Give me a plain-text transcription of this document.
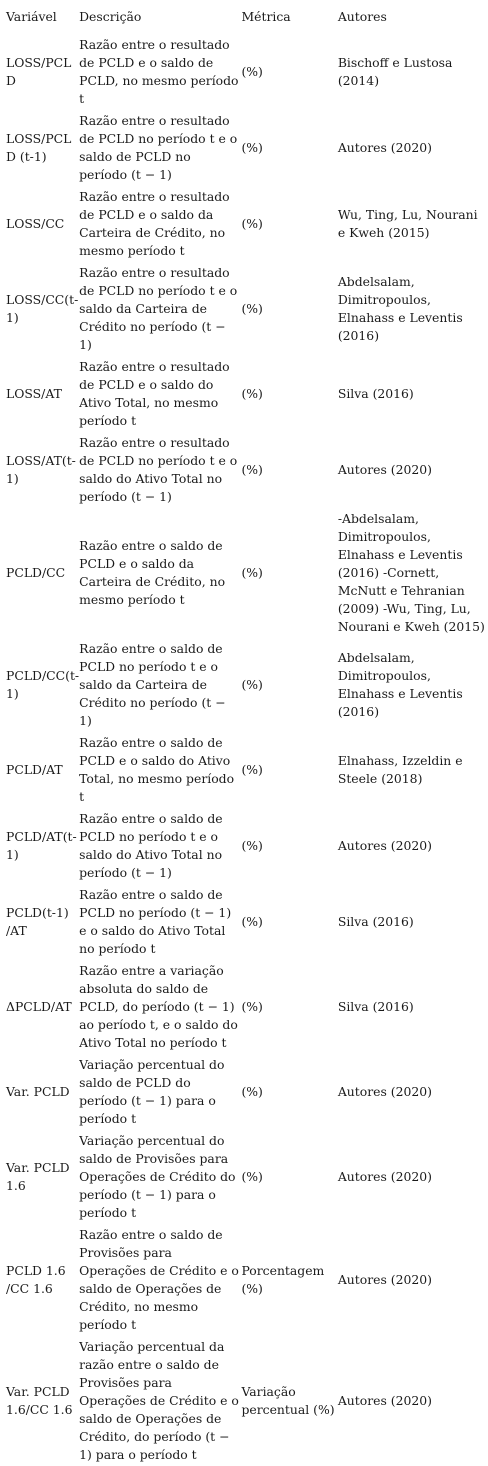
Variável	Descrição	Métrica	Autores

LOSS/PCLD	Razão entre o resultado de PCLD e o saldo de PCLD, no mesmo período t	(%)	Bischoff e Lustosa (2014)

LOSS/PCLD (t-1)	Razão entre o resultado de PCLD no período t e o saldo de PCLD no período (t − 1)	(%)	Autores (2020)

LOSS/CC	Razão entre o resultado de PCLD e o saldo da Carteira de Crédito, no mesmo período t	(%)	Wu, Ting, Lu, Nourani e Kweh (2015)

LOSS/CC(t-1)	Razão entre o resultado de PCLD no período t e o saldo da Carteira de Crédito no período (t − 1)	(%)	Abdelsalam, Dimitropoulos, Elnahass e Leventis (2016)

LOSS/AT	Razão entre o resultado de PCLD e o saldo do Ativo Total, no mesmo período t	(%)	Silva (2016)

LOSS/AT(t-1)	Razão entre o resultado de PCLD no período t e o saldo do Ativo Total no período (t − 1)	(%)	Autores (2020)

PCLD/CC	Razão entre o saldo de PCLD e o saldo da Carteira de Crédito, no mesmo período t	(%)	-Abdelsalam, Dimitropoulos, Elnahass e Leventis (2016) -Cornett, McNutt e Tehranian (2009) -Wu, Ting, Lu, Nourani e Kweh (2015)

PCLD/CC(t-1)	Razão entre o saldo de PCLD no período t e o saldo da Carteira de Crédito no período (t − 1)	(%)	Abdelsalam, Dimitropoulos, Elnahass e Leventis (2016)

PCLD/AT	Razão entre o saldo de PCLD e o saldo do Ativo Total, no mesmo período t	(%)	Elnahass, Izzeldin e Steele (2018)

PCLD/AT(t-1)	Razão entre o saldo de PCLD no período t e o saldo do Ativo Total no período (t − 1)	(%)	Autores (2020)

PCLD(t-1) /AT	Razão entre o saldo de PCLD no período (t − 1) e o saldo do Ativo Total no período t	(%)	Silva (2016)

ΔPCLD/AT	Razão entre a variação absoluta do saldo de PCLD, do período (t − 1) ao período t, e o saldo do Ativo Total no período t	(%)	Silva (2016)

Var. PCLD	Variação percentual do saldo de PCLD do período (t − 1) para o período t	(%)	Autores (2020)

Var. PCLD 1.6	Variação percentual do saldo de Provisões para Operações de Crédito do período (t − 1) para o período t	(%)	Autores (2020)

PCLD 1.6 /CC 1.6	Razão entre o saldo de Provisões para Operações de Crédito e o saldo de Operações de Crédito, no mesmo período t	Porcentagem (%)	Autores (2020)

Var. PCLD 1.6/CC 1.6	Variação percentual da razão entre o saldo de Provisões para Operações de Crédito e o saldo de Operações de Crédito, do período (t − 1) para o período t	Variação percentual (%)	Autores (2020)
